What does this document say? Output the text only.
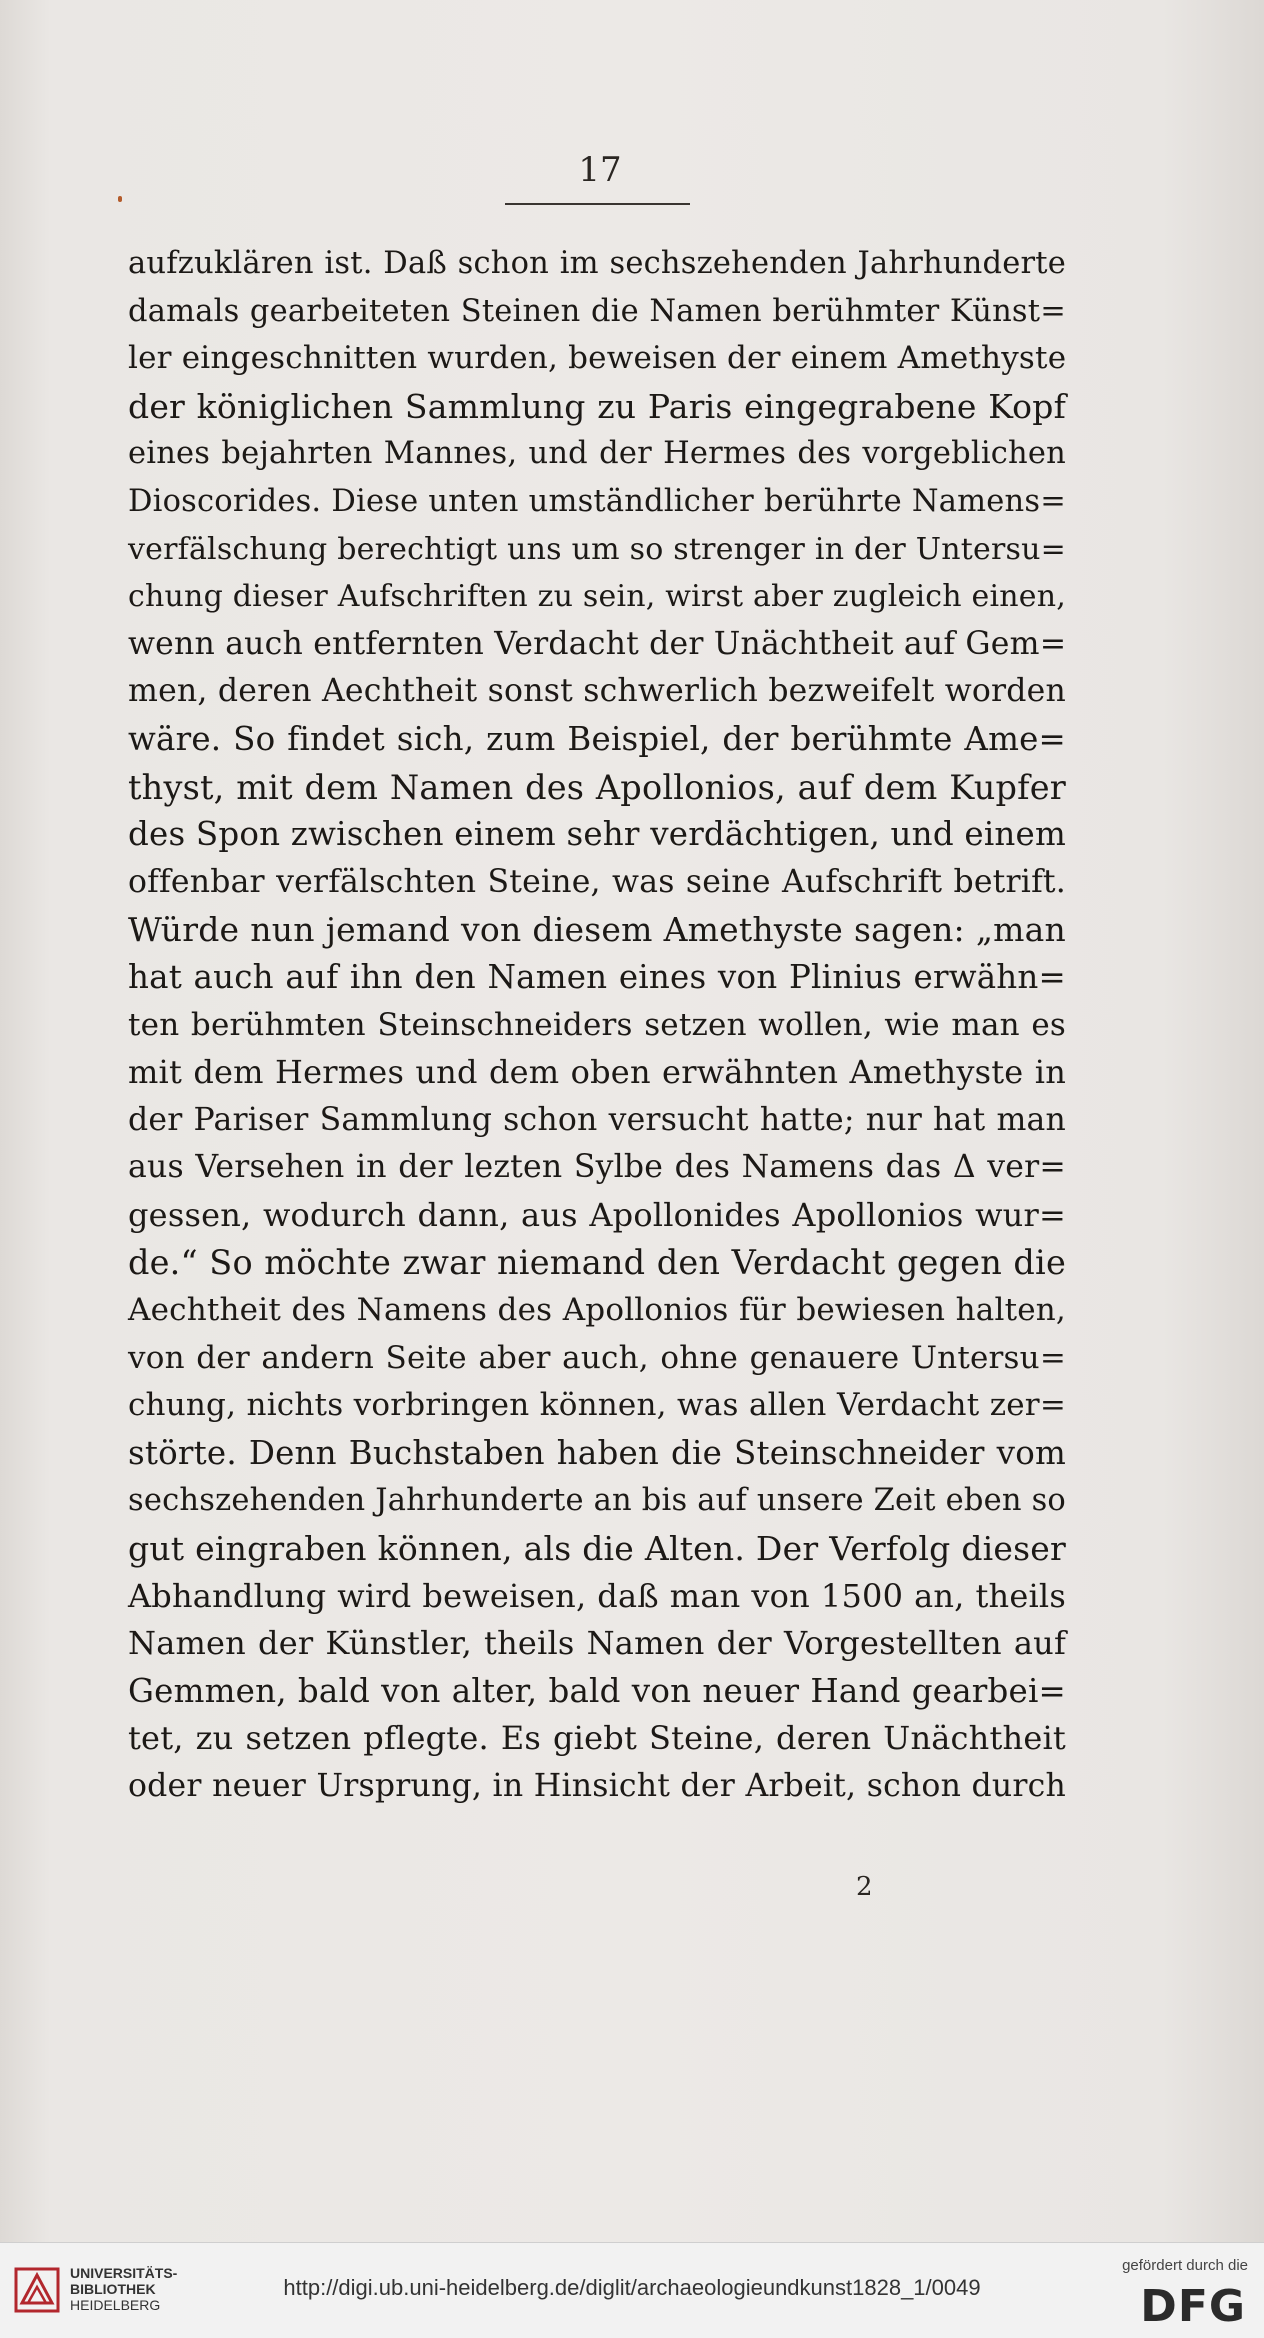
17
aufzuklären ist. Daß schon im sechszehenden Jahrhunderte
damals gearbeiteten Steinen die Namen berühmter Künst=
ler eingeschnitten wurden, beweisen der einem Amethyste
der königlichen Sammlung zu Paris eingegrabene Kopf
eines bejahrten Mannes, und der Hermes des vorgeblichen
Dioscorides. Diese unten umständlicher berührte Namens=
verfälschung berechtigt uns um so strenger in der Untersu=
chung dieser Aufschriften zu sein, wirst aber zugleich einen,
wenn auch entfernten Verdacht der Unächtheit auf Gem=
men, deren Aechtheit sonst schwerlich bezweifelt worden
wäre. So findet sich, zum Beispiel, der berühmte Ame=
thyst, mit dem Namen des Apollonios, auf dem Kupfer
des Spon zwischen einem sehr verdächtigen, und einem
offenbar verfälschten Steine, was seine Aufschrift betrift.
Würde nun jemand von diesem Amethyste sagen: „man
hat auch auf ihn den Namen eines von Plinius erwähn=
ten berühmten Steinschneiders setzen wollen, wie man es
mit dem Hermes und dem oben erwähnten Amethyste in
der Pariser Sammlung schon versucht hatte; nur hat man
aus Versehen in der lezten Sylbe des Namens das Δ ver=
gessen, wodurch dann, aus Apollonides Apollonios wur=
de.“ So möchte zwar niemand den Verdacht gegen die
Aechtheit des Namens des Apollonios für bewiesen halten,
von der andern Seite aber auch, ohne genauere Untersu=
chung, nichts vorbringen können, was allen Verdacht zer=
störte. Denn Buchstaben haben die Steinschneider vom
sechszehenden Jahrhunderte an bis auf unsere Zeit eben so
gut eingraben können, als die Alten. Der Verfolg dieser
Abhandlung wird beweisen, daß man von 1500 an, theils
Namen der Künstler, theils Namen der Vorgestellten auf
Gemmen, bald von alter, bald von neuer Hand gearbei=
tet, zu setzen pflegte. Es giebt Steine, deren Unächtheit
oder neuer Ursprung, in Hinsicht der Arbeit, schon durch
2
UNIVERSITÄTS-
BIBLIOTHEK
HEIDELBERG
http://digi.ub.uni-heidelberg.de/diglit/archaeologieundkunst1828_1/0049
gefördert durch die
DFG
